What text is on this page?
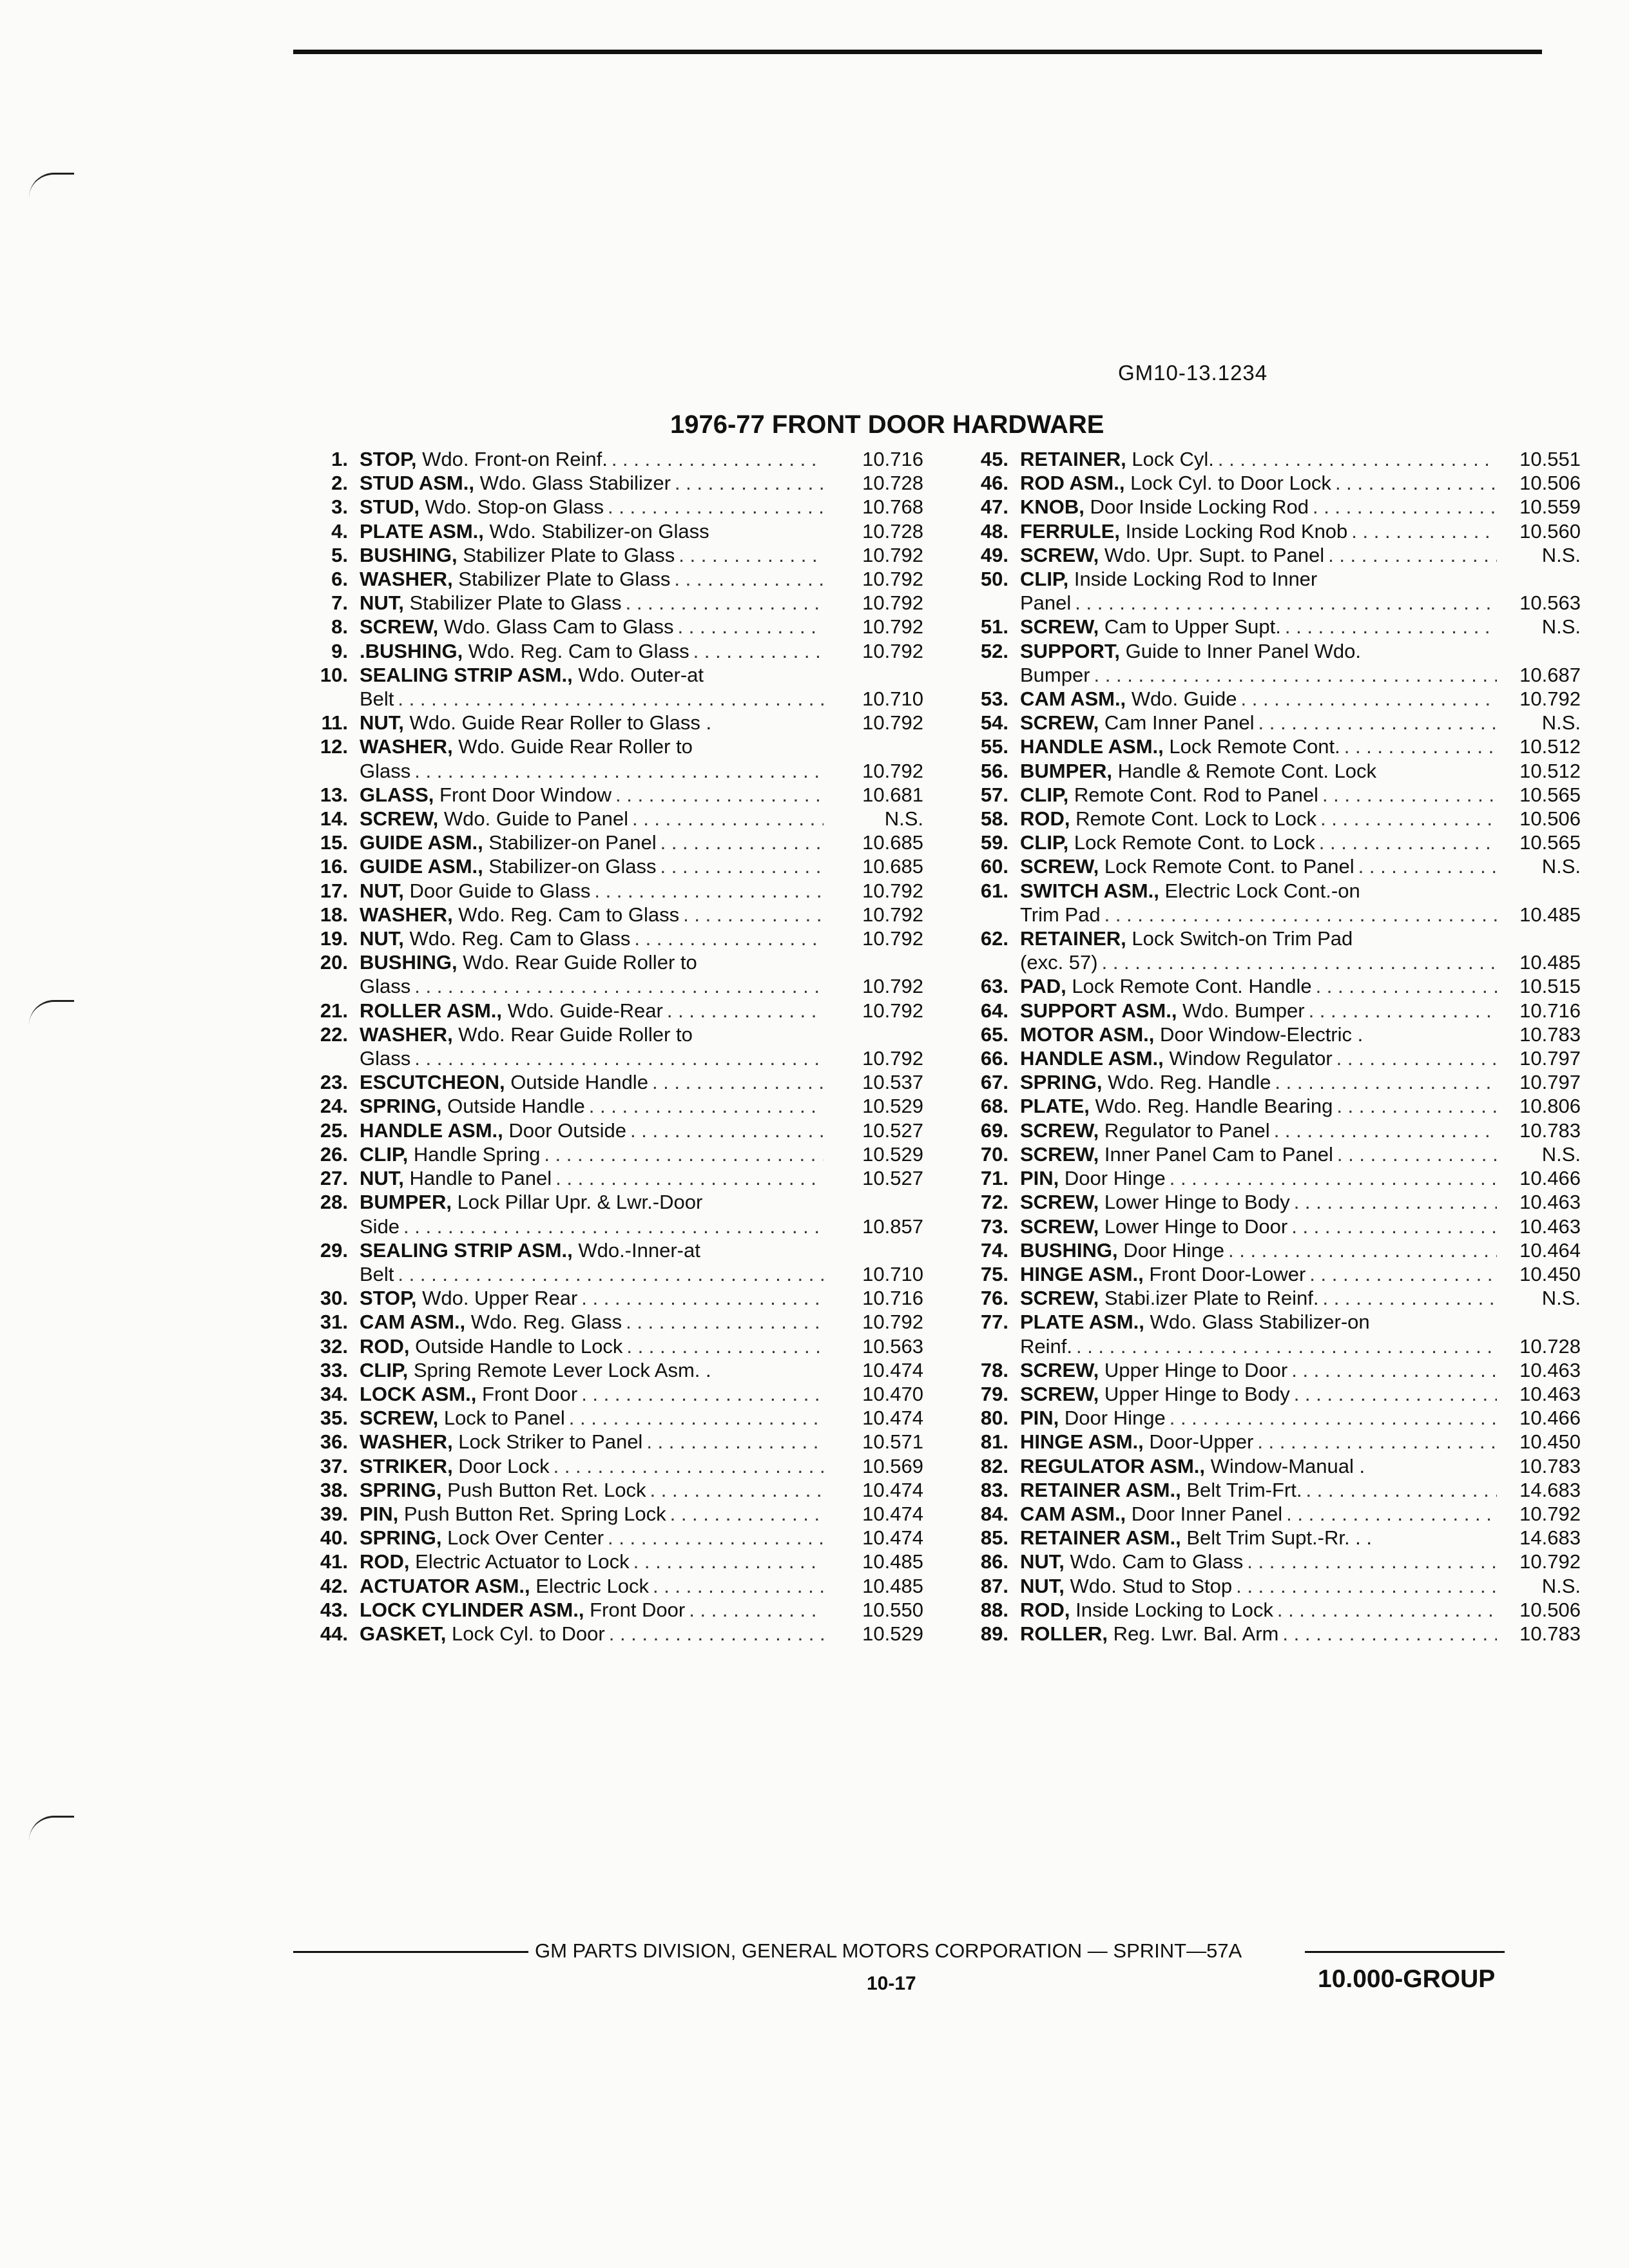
GM10-13.1234
1976-77 FRONT DOOR HARDWARE
1. STOP, Wdo. Front-on Reinf. . . .	10.716
2. STUD ASM., Wdo. Glass Stabilizer . . .	10.728
3. STUD, Wdo. Stop-on Glass . . .	10.768
4. PLATE ASM., Wdo. Stabilizer-on Glass	10.728
5. BUSHING, Stabilizer Plate to Glass . . .	10.792
6. WASHER, Stabilizer Plate to Glass . . .	10.792
7. NUT, Stabilizer Plate to Glass . . .	10.792
8. SCREW, Wdo. Glass Cam to Glass . . .	10.792
9. .BUSHING, Wdo. Reg. Cam to Glass . . .	10.792
10. SEALING STRIP ASM., Wdo. Outer-at
Belt . . .	10.710
11. NUT, Wdo. Guide Rear Roller to Glass .	10.792
12. WASHER, Wdo. Guide Rear Roller to
Glass . . .	10.792
13. GLASS, Front Door Window . . .	10.681
14. SCREW, Wdo. Guide to Panel . . .	N.S.
15. GUIDE ASM., Stabilizer-on Panel . . .	10.685
16. GUIDE ASM., Stabilizer-on Glass . . .	10.685
17. NUT, Door Guide to Glass . . .	10.792
18. WASHER, Wdo. Reg. Cam to Glass . . .	10.792
19. NUT, Wdo. Reg. Cam to Glass . . .	10.792
20. BUSHING, Wdo. Rear Guide Roller to
Glass . . .	10.792
21. ROLLER ASM., Wdo. Guide-Rear . . .	10.792
22. WASHER, Wdo. Rear Guide Roller to
Glass . . .	10.792
23. ESCUTCHEON, Outside Handle . . .	10.537
24. SPRING, Outside Handle . . .	10.529
25. HANDLE ASM., Door Outside . . .	10.527
26. CLIP, Handle Spring . . .	10.529
27. NUT, Handle to Panel . . .	10.527
28. BUMPER, Lock Pillar Upr. & Lwr.-Door
Side . . .	10.857
29. SEALING STRIP ASM., Wdo.-Inner-at
Belt . . .	10.710
30. STOP, Wdo. Upper Rear . . .	10.716
31. CAM ASM., Wdo. Reg. Glass . . .	10.792
32. ROD, Outside Handle to Lock . . .	10.563
33. CLIP, Spring Remote Lever Lock Asm. .	10.474
34. LOCK ASM., Front Door . . .	10.470
35. SCREW, Lock to Panel . . .	10.474
36. WASHER, Lock Striker to Panel . . .	10.571
37. STRIKER, Door Lock . . .	10.569
38. SPRING, Push Button Ret. Lock . . .	10.474
39. PIN, Push Button Ret. Spring Lock . . .	10.474
40. SPRING, Lock Over Center . . .	10.474
41. ROD, Electric Actuator to Lock . . .	10.485
42. ACTUATOR ASM., Electric Lock . . .	10.485
43. LOCK CYLINDER ASM., Front Door . . .	10.550
44. GASKET, Lock Cyl. to Door . . .	10.529
45. RETAINER, Lock Cyl. . . .	10.551
46. ROD ASM., Lock Cyl. to Door Lock . . .	10.506
47. KNOB, Door Inside Locking Rod . . .	10.559
48. FERRULE, Inside Locking Rod Knob . . .	10.560
49. SCREW, Wdo. Upr. Supt. to Panel . . .	N.S.
50. CLIP, Inside Locking Rod to Inner
Panel . . .	10.563
51. SCREW, Cam to Upper Supt. . . .	N.S.
52. SUPPORT, Guide to Inner Panel Wdo.
Bumper . . .	10.687
53. CAM ASM., Wdo. Guide . . .	10.792
54. SCREW, Cam Inner Panel . . .	N.S.
55. HANDLE ASM., Lock Remote Cont. . . .	10.512
56. BUMPER, Handle & Remote Cont. Lock	10.512
57. CLIP, Remote Cont. Rod to Panel . . .	10.565
58. ROD, Remote Cont. Lock to Lock . . .	10.506
59. CLIP, Lock Remote Cont. to Lock . . .	10.565
60. SCREW, Lock Remote Cont. to Panel . . .	N.S.
61. SWITCH ASM., Electric Lock Cont.-on
Trim Pad . . .	10.485
62. RETAINER, Lock Switch-on Trim Pad
(exc. 57) . . .	10.485
63. PAD, Lock Remote Cont. Handle . . .	10.515
64. SUPPORT ASM., Wdo. Bumper . . .	10.716
65. MOTOR ASM., Door Window-Electric .	10.783
66. HANDLE ASM., Window Regulator . . .	10.797
67. SPRING, Wdo. Reg. Handle . . .	10.797
68. PLATE, Wdo. Reg. Handle Bearing . . .	10.806
69. SCREW, Regulator to Panel . . .	10.783
70. SCREW, Inner Panel Cam to Panel . . .	N.S.
71. PIN, Door Hinge . . .	10.466
72. SCREW, Lower Hinge to Body . . .	10.463
73. SCREW, Lower Hinge to Door . . .	10.463
74. BUSHING, Door Hinge . . .	10.464
75. HINGE ASM., Front Door-Lower . . .	10.450
76. SCREW, Stabi.izer Plate to Reinf. . . .	N.S.
77. PLATE ASM., Wdo. Glass Stabilizer-on
Reinf. . . .	10.728
78. SCREW, Upper Hinge to Door . . .	10.463
79. SCREW, Upper Hinge to Body . . .	10.463
80. PIN, Door Hinge . . .	10.466
81. HINGE ASM., Door-Upper . . .	10.450
82. REGULATOR ASM., Window-Manual .	10.783
83. RETAINER ASM., Belt Trim-Frt. . . .	14.683
84. CAM ASM., Door Inner Panel . . .	10.792
85. RETAINER ASM., Belt Trim Supt.-Rr. . .	14.683
86. NUT, Wdo. Cam to Glass . . .	10.792
87. NUT, Wdo. Stud to Stop . . .	N.S.
88. ROD, Inside Locking to Lock . . .	10.506
89. ROLLER, Reg. Lwr. Bal. Arm . . .	10.783
GM PARTS DIVISION, GENERAL MOTORS CORPORATION — SPRINT—57A
10-17	10.000-GROUP
